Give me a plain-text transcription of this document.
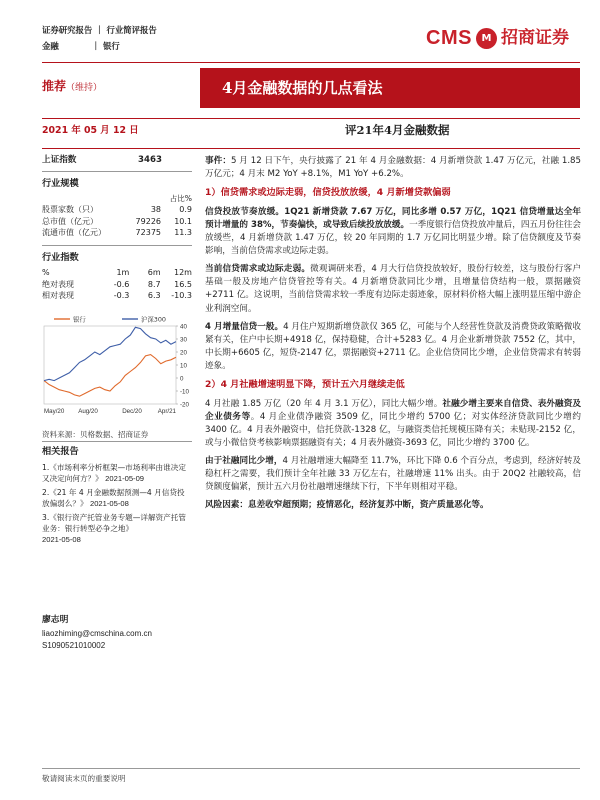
证券研究报告 ｜ 行业简评报告
金融	｜ 银行	CMS M 招商证券
推荐（维持）	4月金融数据的几点看法
2021 年 05 月 12 日	评21年4月金融数据
上证指数	3463
行业规模
占比%
股票家数（只）	38	0.9
总市值（亿元）	79226	10.1
流通市值（亿元）	72375	11.3
行业指数
%	1m	6m	12m
绝对表现	-0.6	8.7	16.5
相对表现	-0.3	6.3	-10.3
40
30
20
10
0
-10
-20
May/20 Aug/20	Dec/20	Apr/21
银行	沪深300
资料来源：贝格数据、招商证券
相关报告
1.《市场利率分析框架—市场利率由谁决定又决定向何方？》 2021-05-09
2.《21 年 4 月金融数据预测—4 月信贷投放偏弱么？》 2021-05-08
3.《银行资产托管业务专题—详解资产托管业务：银行转型必争之地》
2021-05-08
廖志明
liaozhiming@cmschina.com.cn
S1090521010002

事件：5 月 12 日下午，央行披露了 21 年 4 月金融数据：4 月新增贷款 1.47 万亿元，社融 1.85 万亿元；4 月末 M2 YoY +8.1%，M1 YoY +6.2%。

1）信贷需求或边际走弱，信贷投放放缓，4 月新增贷款偏弱

信贷投放节奏放缓。1Q21 新增贷款 7.67 万亿，同比多增 0.57 万亿，1Q21 信贷增量达全年预计增量的 38%，节奏偏快，或导致后续投放放缓。一季度银行信贷投放冲量后，四五月份往往会放缓些，4 月新增贷款 1.47 万亿，较 20 年同期的 1.7 万亿同比明显少增。除了信贷额度及节奏影响，当前信贷需求或边际走弱。

当前信贷需求或边际走弱。微观调研来看，4 月大行信贷投放较好，股份行较差，这与股份行客户基础一般及房地产信贷管控等有关。4 月新增贷款同比少增，且增量信贷结构一般，票据融资+2711 亿。这说明，当前信贷需求较一季度有边际走弱迹象，原材料价格大幅上涨明显压缩中游企业利润空间。

4 月增量信贷一般。4 月住户短期新增贷款仅 365 亿，可能与个人经营性贷款及消费贷政策略微收紧有关，住户中长期+4918 亿，保持稳健，合计+5283 亿。4 月企业新增贷款 7552 亿，其中，中长期+6605 亿，短贷-2147 亿，票据融资+2711 亿。企业信贷同比少增，企业信贷需求有转弱迹象。

2）4 月社融增速明显下降，预计五六月继续走低

4 月社融 1.85 万亿（20 年 4 月 3.1 万亿），同比大幅少增。社融少增主要来自信贷、表外融资及企业债务等。4 月企业债净融资 3509 亿，同比少增约 5700 亿；对实体经济贷款同比少增约 3400 亿。4 月表外融资中，信托贷款-1328 亿，与融资类信托规模压降有关；未贴现-2152 亿，或与小微信贷考核影响票据融资有关；4 月表外融资-3693 亿，同比少增约 3700 亿。

由于社融同比少增，4 月社融增速大幅降至 11.7%，环比下降 0.6 个百分点，考虑到，经济好转及稳杠杆之需要，我们预计全年社融 33 万亿左右，社融增速 11% 出头。由于 20Q2 社融较高，信贷额度偏紧，预计五六月份社融增速继续下行，下半年则相对平稳。

风险因素：息差收窄超预期；疫情恶化，经济复苏中断，资产质量恶化等。

敬请阅读末页的重要说明
